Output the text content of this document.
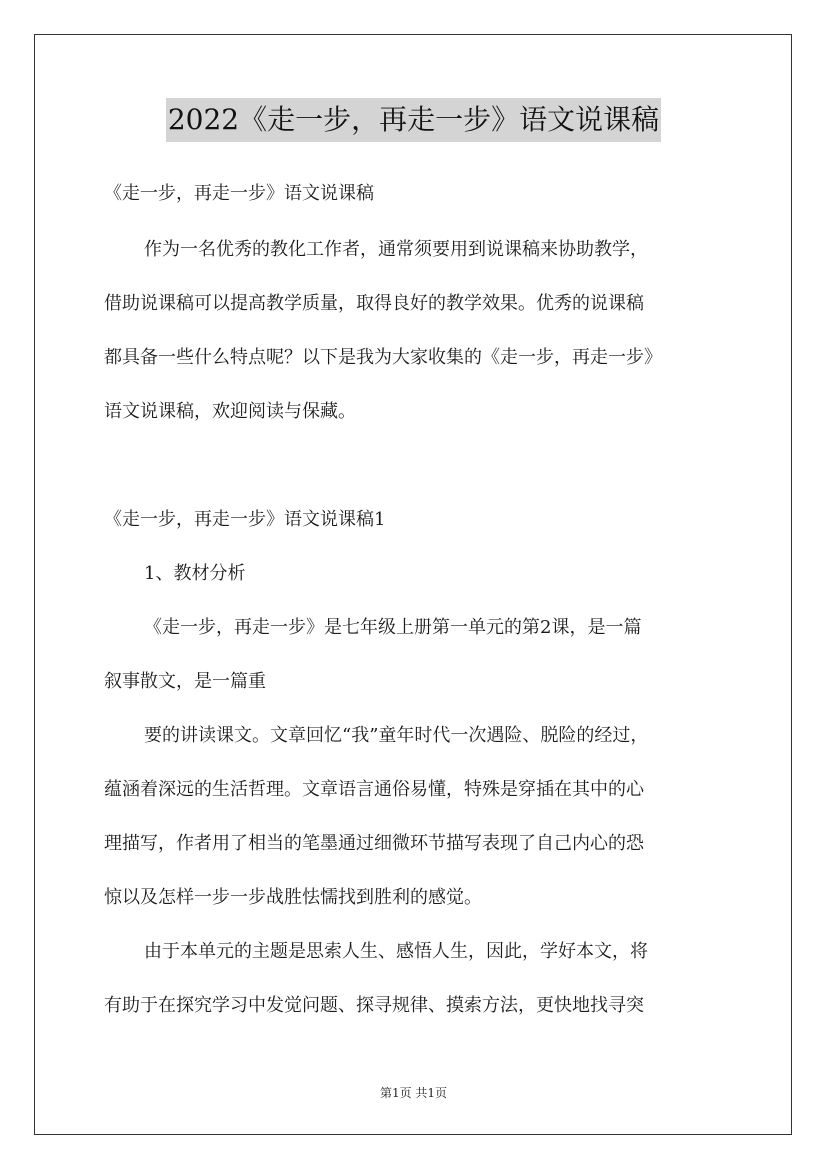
2022《走一步，再走一步》语文说课稿
《走一步，再走一步》语文说课稿
作为一名优秀的教化工作者，通常须要用到说课稿来协助教学，
借助说课稿可以提高教学质量，取得良好的教学效果。优秀的说课稿
都具备一些什么特点呢？以下是我为大家收集的《走一步，再走一步》
语文说课稿，欢迎阅读与保藏。
《走一步，再走一步》语文说课稿1
1、教材分析
《走一步，再走一步》是七年级上册第一单元的第2课，是一篇
叙事散文，是一篇重
要的讲读课文。文章回忆“我”童年时代一次遇险、脱险的经过，
蕴涵着深远的生活哲理。文章语言通俗易懂，特殊是穿插在其中的心
理描写，作者用了相当的笔墨通过细微环节描写表现了自己内心的恐
惊以及怎样一步一步战胜怯懦找到胜利的感觉。
由于本单元的主题是思索人生、感悟人生，因此，学好本文，将
有助于在探究学习中发觉问题、探寻规律、摸索方法，更快地找寻突
第1页 共1页
